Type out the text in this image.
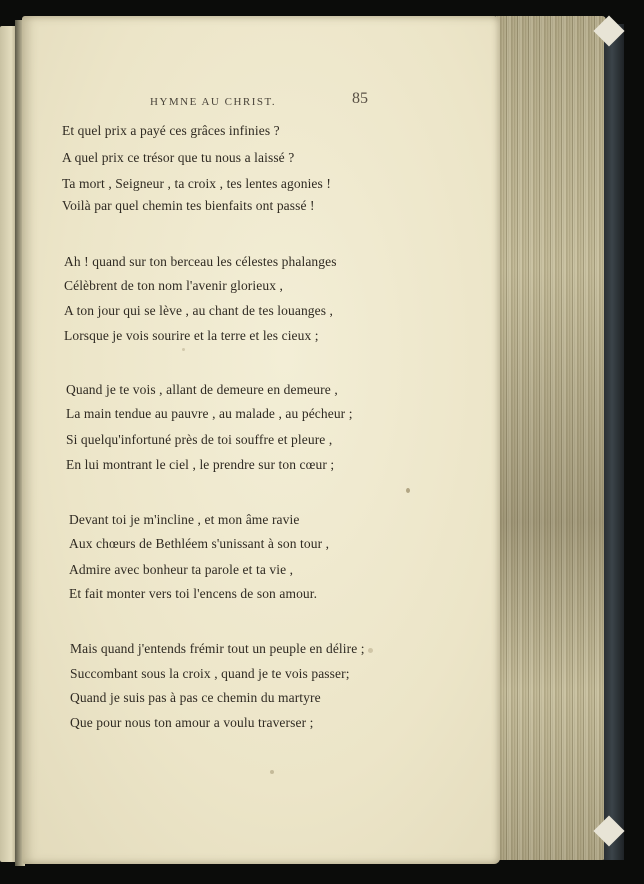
HYMNE AU CHRIST.	85
Et quel prix a payé ces grâces infinies ?
A quel prix ce trésor que tu nous a laissé ?
Ta mort , Seigneur , ta croix , tes lentes agonies !
Voilà par quel chemin tes bienfaits ont passé !
Ah ! quand sur ton berceau les célestes phalanges
Célèbrent de ton nom l'avenir glorieux ,
A ton jour qui se lève , au chant de tes louanges ,
Lorsque je vois sourire et la terre et les cieux ;
Quand je te vois , allant de demeure en demeure ,
La main tendue au pauvre , au malade , au pécheur ;
Si quelqu'infortuné près de toi souffre et pleure ,
En lui montrant le ciel , le prendre sur ton cœur ;
Devant toi je m'incline , et mon âme ravie
Aux chœurs de Bethléem s'unissant à son tour ,
Admire avec bonheur ta parole et ta vie ,
Et fait monter vers toi l'encens de son amour.
Mais quand j'entends frémir tout un peuple en délire ;
Succombant sous la croix , quand je te vois passer;
Quand je suis pas à pas ce chemin du martyre
Que pour nous ton amour a voulu traverser ;
